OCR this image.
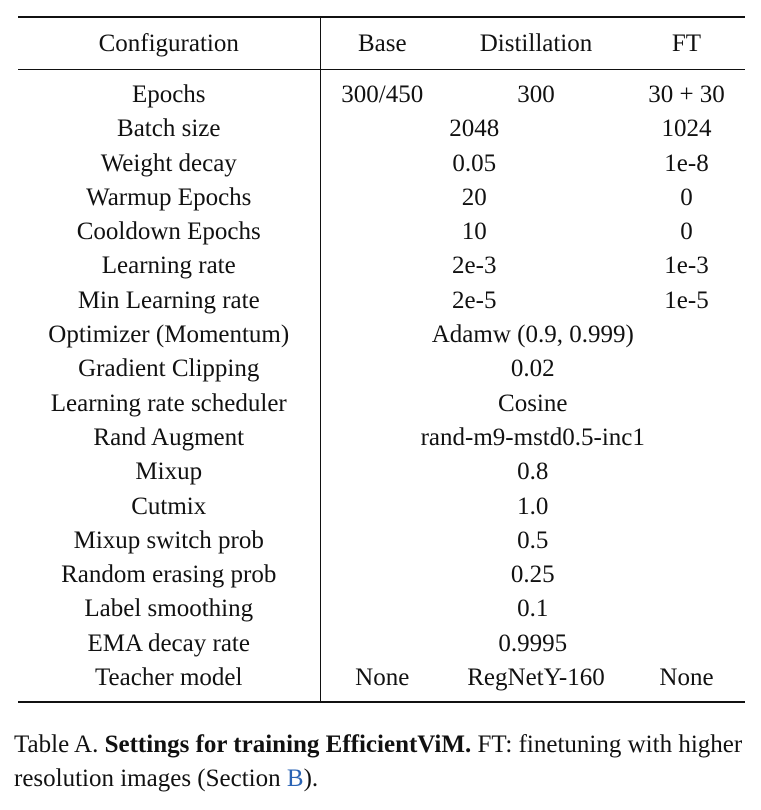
Configuration	Base	Distillation	FT
Epochs	300/450	300	30 + 30
Batch size	2048		1024
Weight decay	0.05		1e-8
Warmup Epochs	20		0
Cooldown Epochs	10		0
Learning rate	2e-3		1e-3
Min Learning rate	2e-5		1e-5
Optimizer (Momentum)	Adamw (0.9, 0.999)		
Gradient Clipping	0.02		
Learning rate scheduler	Cosine		
Rand Augment	rand-m9-mstd0.5-inc1		
Mixup	0.8		
Cutmix	1.0		
Mixup switch prob	0.5		
Random erasing prob	0.25		
Label smoothing	0.1		
EMA decay rate	0.9995		
Teacher model	None	RegNetY-160	None
Table A. Settings for training EfficientViM. FT: finetuning with higher resolution images (Section B).
